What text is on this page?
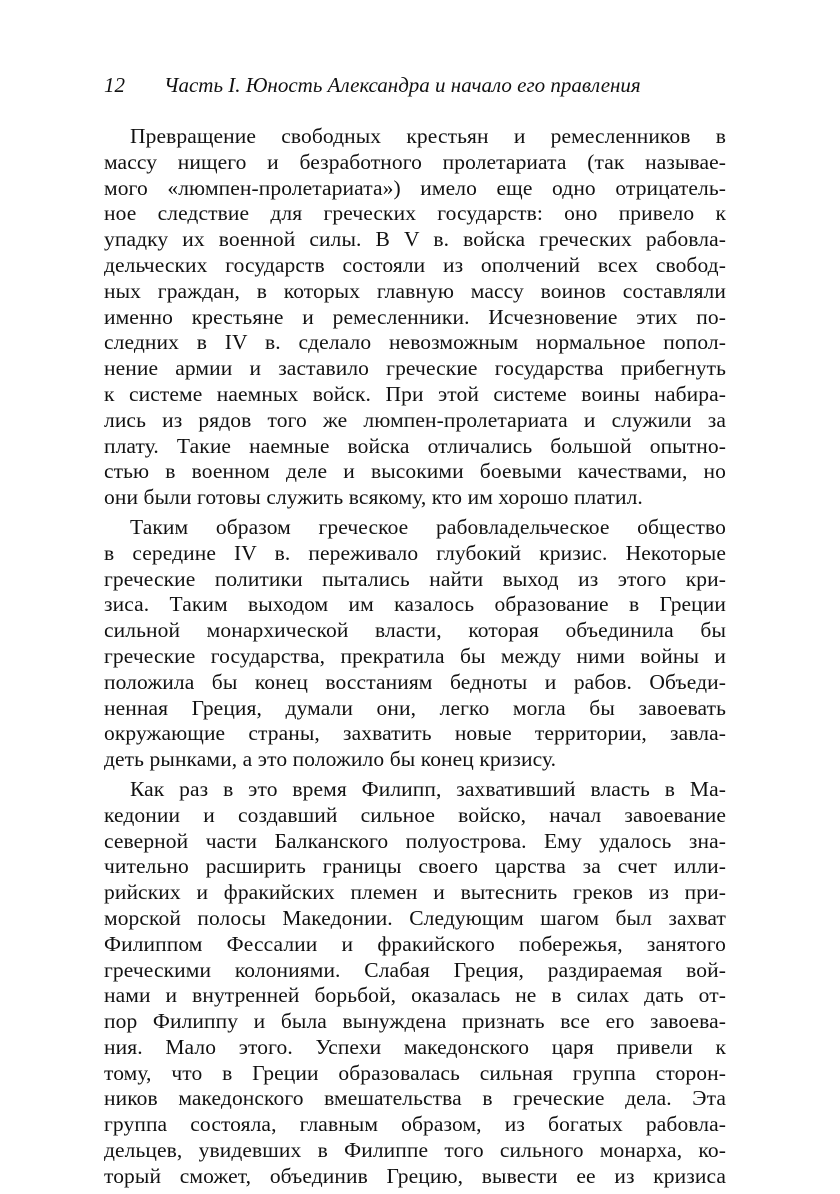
12 Часть I. Юность Александра и начало его правления
Превращение свободных крестьян и ремесленников в
массу нищего и безработного пролетариата (так называе-
мого «люмпен-пролетариата») имело еще одно отрицатель-
ное следствие для греческих государств: оно привело к
упадку их военной силы. В V в. войска греческих рабовла-
дельческих государств состояли из ополчений всех свобод-
ных граждан, в которых главную массу воинов составляли
именно крестьяне и ремесленники. Исчезновение этих по-
следних в IV в. сделало невозможным нормальное попол-
нение армии и заставило греческие государства прибегнуть
к системе наемных войск. При этой системе воины набира-
лись из рядов того же люмпен-пролетариата и служили за
плату. Такие наемные войска отличались большой опытно-
стью в военном деле и высокими боевыми качествами, но
они были готовы служить всякому, кто им хорошо платил.
Таким образом греческое рабовладельческое общество
в середине IV в. переживало глубокий кризис. Некоторые
греческие политики пытались найти выход из этого кри-
зиса. Таким выходом им казалось образование в Греции
сильной монархической власти, которая объединила бы
греческие государства, прекратила бы между ними войны и
положила бы конец восстаниям бедноты и рабов. Объеди-
ненная Греция, думали они, легко могла бы завоевать
окружающие страны, захватить новые территории, завла-
деть рынками, а это положило бы конец кризису.
Как раз в это время Филипп, захвативший власть в Ма-
кедонии и создавший сильное войско, начал завоевание
северной части Балканского полуострова. Ему удалось зна-
чительно расширить границы своего царства за счет илли-
рийских и фракийских племен и вытеснить греков из при-
морской полосы Македонии. Следующим шагом был захват
Филиппом Фессалии и фракийского побережья, занятого
греческими колониями. Слабая Греция, раздираемая вой-
нами и внутренней борьбой, оказалась не в силах дать от-
пор Филиппу и была вынуждена признать все его завоева-
ния. Мало этого. Успехи македонского царя привели к
тому, что в Греции образовалась сильная группа сторон-
ников македонского вмешательства в греческие дела. Эта
группа состояла, главным образом, из богатых рабовла-
дельцев, увидевших в Филиппе того сильного монарха, ко-
торый сможет, объединив Грецию, вывести ее из кризиса
